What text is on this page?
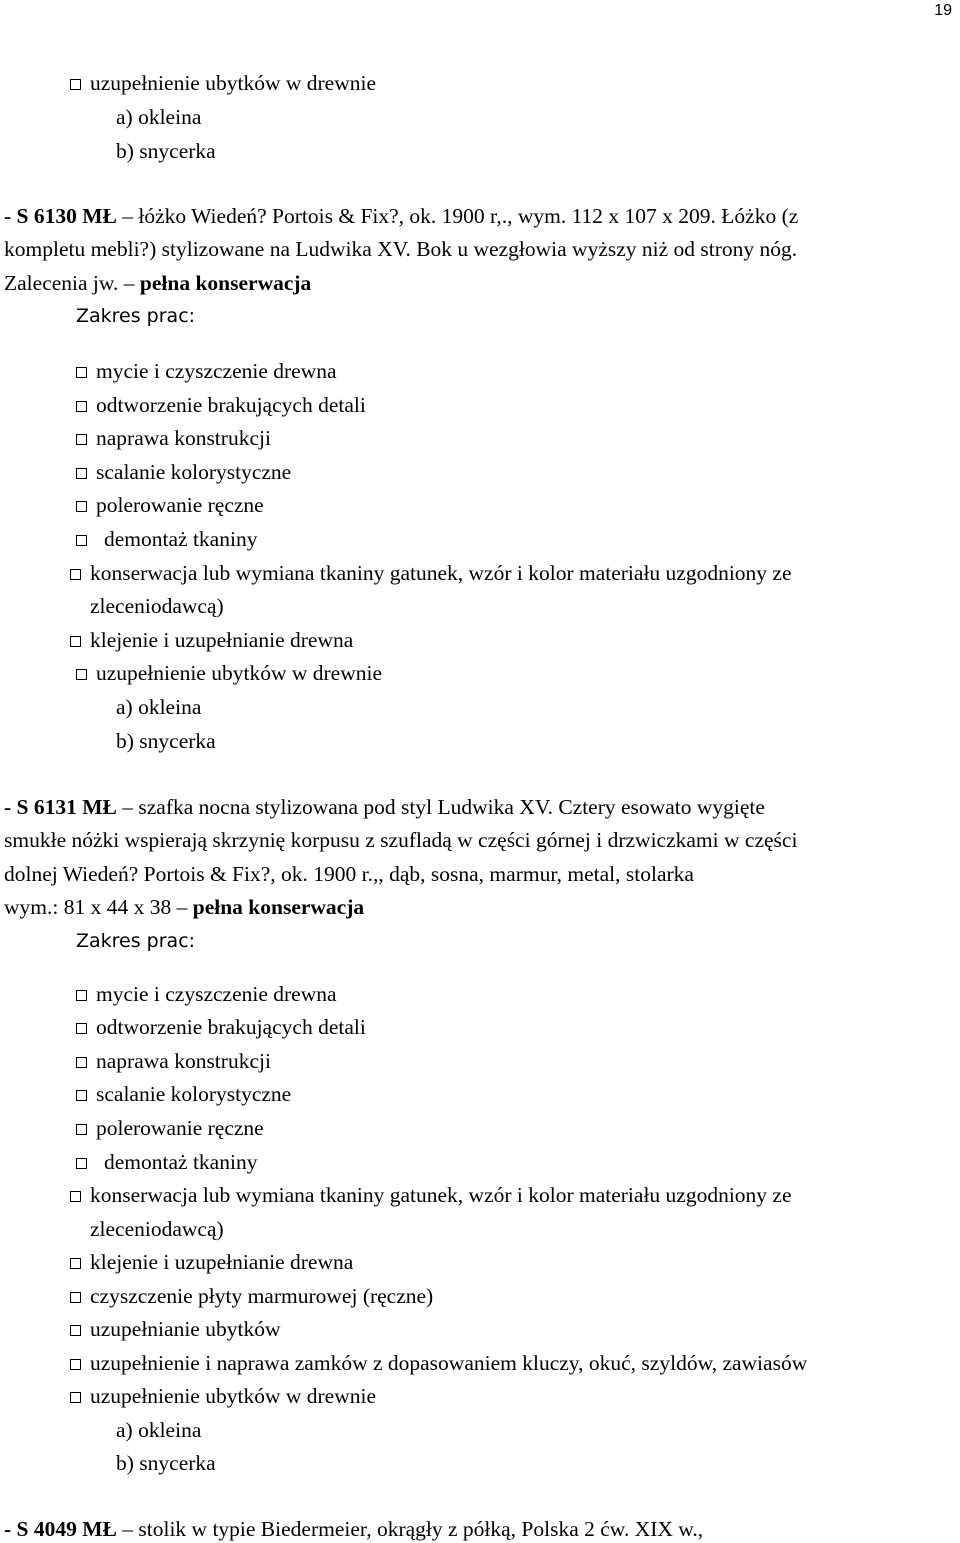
19
uzupełnienie ubytków w drewnie
a) okleina
b) snycerka
- S 6130 MŁ – łóżko Wiedeń? Portois & Fix?, ok. 1900 r,., wym. 112 x 107 x 209. Łóżko (z
kompletu mebli?) stylizowane na Ludwika XV. Bok u wezgłowia wyższy niż od strony nóg.
Zalecenia jw. – pełna konserwacja
Zakres prac:
mycie i czyszczenie drewna
odtworzenie brakujących detali
naprawa konstrukcji
scalanie kolorystyczne
polerowanie ręczne
demontaż tkaniny
konserwacja lub wymiana tkaniny gatunek, wzór i kolor materiału uzgodniony ze
zleceniodawcą)
klejenie i uzupełnianie drewna
uzupełnienie ubytków w drewnie
a) okleina
b) snycerka
- S 6131 MŁ – szafka nocna stylizowana pod styl Ludwika XV. Cztery esowato wygięte
smukłe nóżki wspierają skrzynię korpusu z szufladą w części górnej i drzwiczkami w części
dolnej Wiedeń? Portois & Fix?, ok. 1900 r.,, dąb, sosna, marmur, metal, stolarka
wym.: 81 x 44 x 38 – pełna konserwacja
Zakres prac:
mycie i czyszczenie drewna
odtworzenie brakujących detali
naprawa konstrukcji
scalanie kolorystyczne
polerowanie ręczne
demontaż tkaniny
konserwacja lub wymiana tkaniny gatunek, wzór i kolor materiału uzgodniony ze
zleceniodawcą)
klejenie i uzupełnianie drewna
czyszczenie płyty marmurowej (ręczne)
uzupełnianie ubytków
uzupełnienie i naprawa zamków z dopasowaniem kluczy, okuć, szyldów, zawiasów
uzupełnienie ubytków w drewnie
a) okleina
b) snycerka
- S 4049 MŁ – stolik w typie Biedermeier, okrągły z półką, Polska 2 ćw. XIX w.,
